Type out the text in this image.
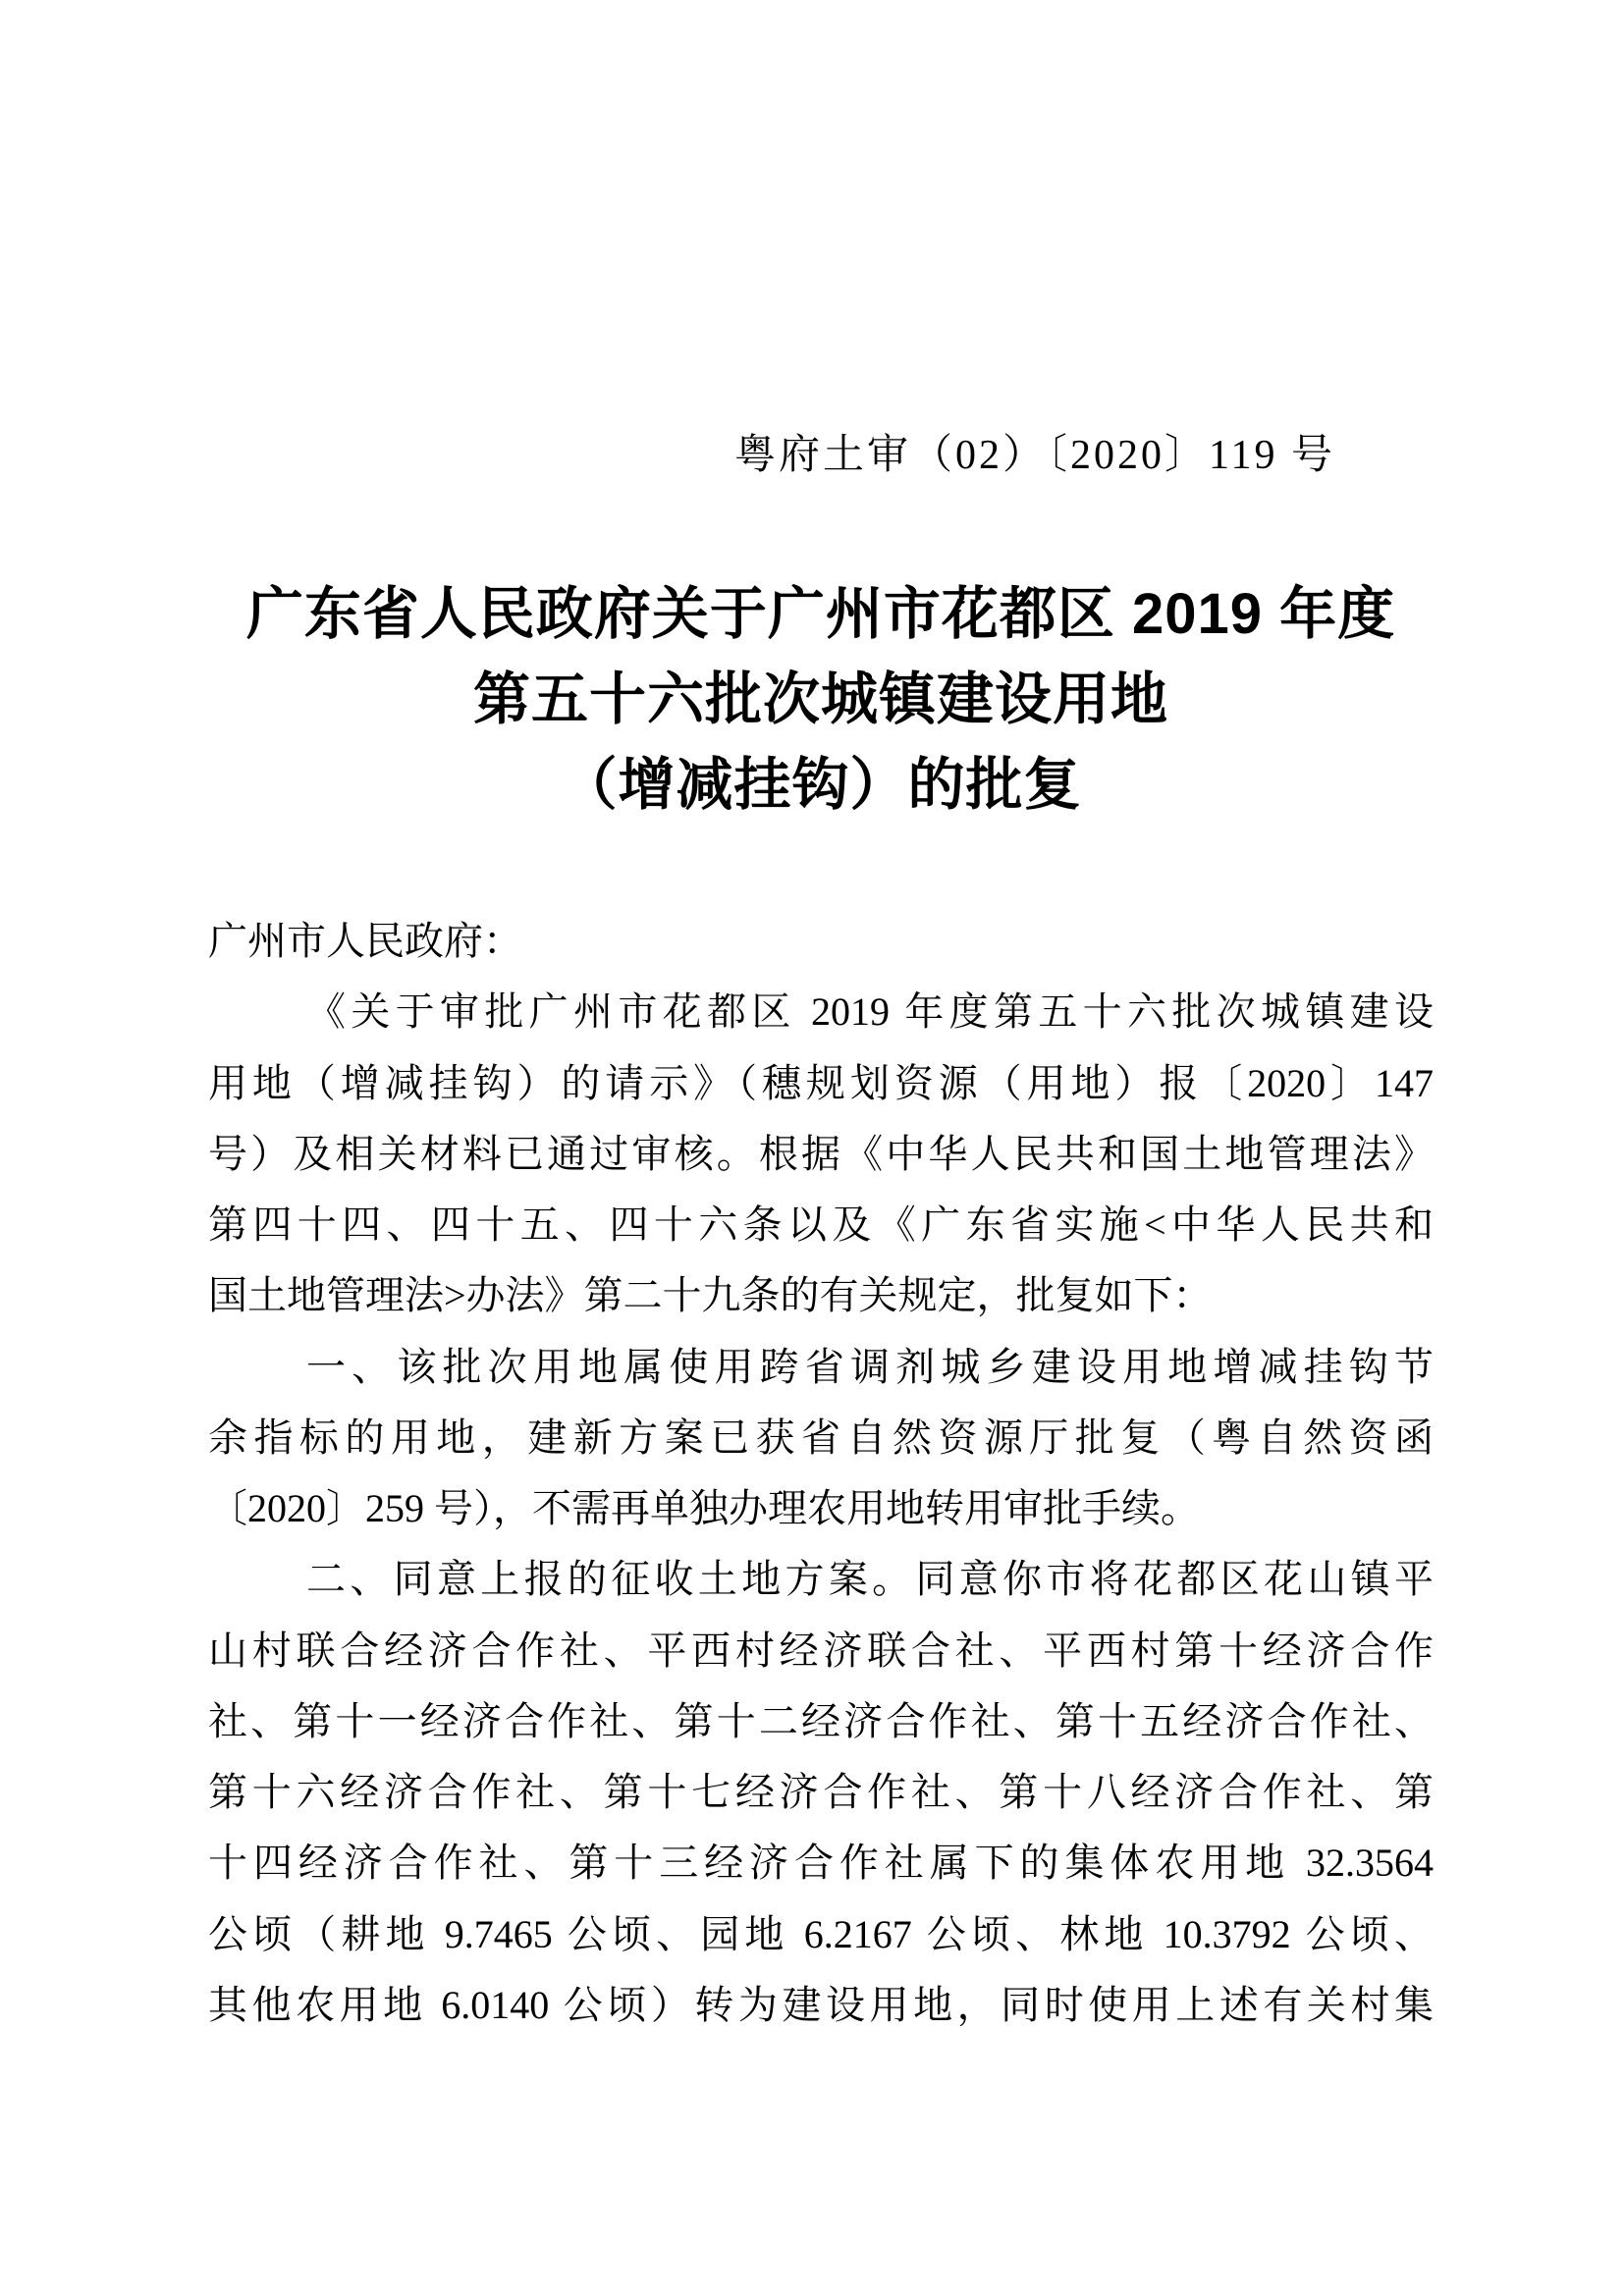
粤府土审（02）〔2020〕119 号
广东省人民政府关于广州市花都区 2019 年度
第五十六批次城镇建设用地
（增减挂钩）的批复
广州市人民政府：
《关于审批广州市花都区 2019 年度第五十六批次城镇建设
用地（增减挂钩）的请示》（穗规划资源（用地）报〔2020〕147
号）及相关材料已通过审核。根据《中华人民共和国土地管理法》
第四十四、四十五、四十六条以及《广东省实施<中华人民共和
国土地管理法>办法》第二十九条的有关规定，批复如下：
一、该批次用地属使用跨省调剂城乡建设用地增减挂钩节
余指标的用地，建新方案已获省自然资源厅批复（粤自然资函
〔2020〕259 号），不需再单独办理农用地转用审批手续。
二、同意上报的征收土地方案。同意你市将花都区花山镇平
山村联合经济合作社、平西村经济联合社、平西村第十经济合作
社、第十一经济合作社、第十二经济合作社、第十五经济合作社、
第十六经济合作社、第十七经济合作社、第十八经济合作社、第
十四经济合作社、第十三经济合作社属下的集体农用地 32.3564
公顷（耕地 9.7465 公顷、园地 6.2167 公顷、林地 10.3792 公顷、
其他农用地 6.0140 公顷）转为建设用地，同时使用上述有关村集
